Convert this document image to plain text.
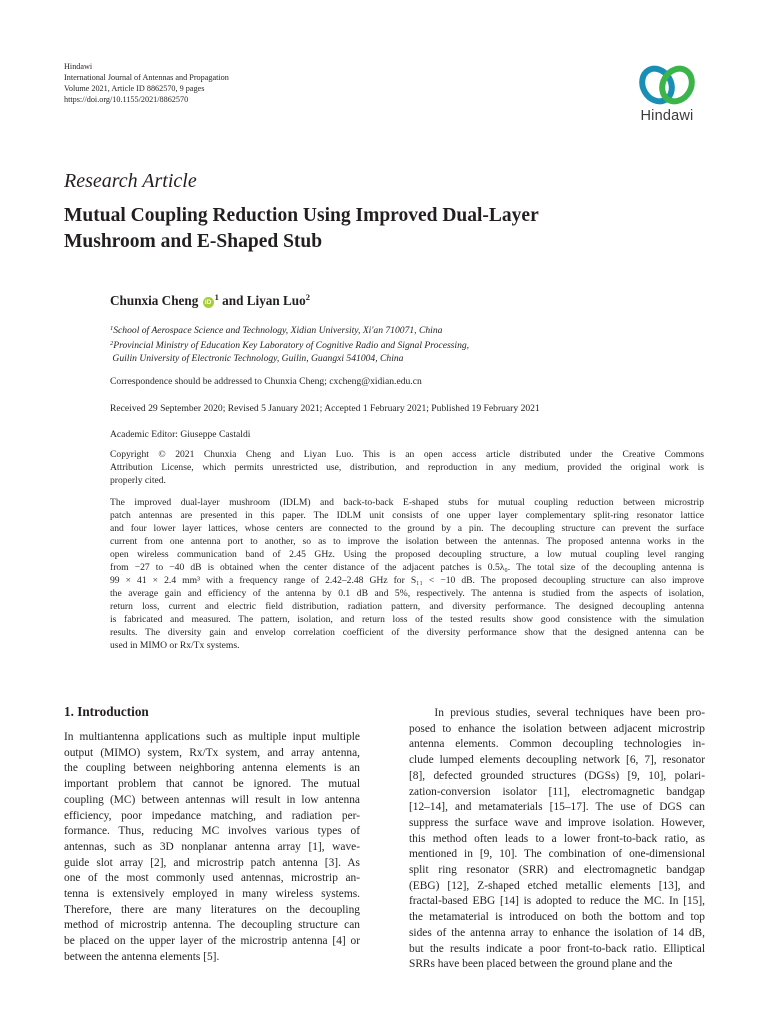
Hindawi
International Journal of Antennas and Propagation
Volume 2021, Article ID 8862570, 9 pages
https://doi.org/10.1155/2021/8862570
Hindawi
Research Article
Mutual Coupling Reduction Using Improved Dual-Layer
Mushroom and E-Shaped Stub
Chunxia Cheng $iD^1$ and Liyan Luo$^2$
$^1$School of Aerospace Science and Technology, Xidian University, Xi'an 710071, China
$^2$Provincial Ministry of Education Key Laboratory of Cognitive Radio and Signal Processing,
Guilin University of Electronic Technology, Guilin, Guangxi 541004, China
Correspondence should be addressed to Chunxia Cheng; cxcheng@xidian.edu.cn
Received 29 September 2020; Revised 5 January 2021; Accepted 1 February 2021; Published 19 February 2021
Academic Editor: Giuseppe Castaldi
Copyright © 2021 Chunxia Cheng and Liyan Luo. This is an open access article distributed under the Creative Commons
Attribution License, which permits unrestricted use, distribution, and reproduction in any medium, provided the original work is
properly cited.
The improved dual-layer mushroom (IDLM) and back-to-back E-shaped stubs for mutual coupling reduction between microstrip
patch antennas are presented in this paper. The IDLM unit consists of one upper layer complementary split-ring resonator lattice
and four lower layer lattices, whose centers are connected to the ground by a pin. The decoupling structure can prevent the surface
current from one antenna port to another, so as to improve the isolation between the antennas. The proposed antenna works in the
open wireless communication band of 2.45 GHz. Using the proposed decoupling structure, a low mutual coupling level ranging
from −27 to −40 dB is obtained when the center distance of the adjacent patches is 0.5λ₀. The total size of the decoupling antenna is
99 × 41 × 2.4 mm³ with a frequency range of 2.42–2.48 GHz for S₁₁ < −10 dB. The proposed decoupling structure can also improve
the average gain and efficiency of the antenna by 0.1 dB and 5%, respectively. The antenna is studied from the aspects of isolation,
return loss, current and electric field distribution, radiation pattern, and diversity performance. The designed decoupling antenna
is fabricated and measured. The pattern, isolation, and return loss of the tested results show good consistence with the simulation
results. The diversity gain and envelop correlation coefficient of the diversity performance show that the designed antenna can be
used in MIMO or Rx/Tx systems.
1. Introduction
In multiantenna applications such as multiple input multiple
output (MIMO) system, Rx/Tx system, and array antenna,
the coupling between neighboring antenna elements is an
important problem that cannot be ignored. The mutual
coupling (MC) between antennas will result in low antenna
efficiency, poor impedance matching, and radiation per-
formance. Thus, reducing MC involves various types of
antennas, such as 3D nonplanar antenna array [1], wave-
guide slot array [2], and microstrip patch antenna [3]. As
one of the most commonly used antennas, microstrip an-
tenna is extensively employed in many wireless systems.
Therefore, there are many literatures on the decoupling
method of microstrip antenna. The decoupling structure can
be placed on the upper layer of the microstrip antenna [4] or
between the antenna elements [5].
In previous studies, several techniques have been pro-
posed to enhance the isolation between adjacent microstrip
antenna elements. Common decoupling technologies in-
clude lumped elements decoupling network [6, 7], resonator
[8], defected grounded structures (DGSs) [9, 10], polari-
zation-conversion isolator [11], electromagnetic bandgap
[12–14], and metamaterials [15–17]. The use of DGS can
suppress the surface wave and improve isolation. However,
this method often leads to a lower front-to-back ratio, as
mentioned in [9, 10]. The combination of one-dimensional
split ring resonator (SRR) and electromagnetic bandgap
(EBG) [12], Z-shaped etched metallic elements [13], and
fractal-based EBG [14] is adopted to reduce the MC. In [15],
the metamaterial is introduced on both the bottom and top
sides of the antenna array to enhance the isolation of 14 dB,
but the results indicate a poor front-to-back ratio. Elliptical
SRRs have been placed between the ground plane and the
